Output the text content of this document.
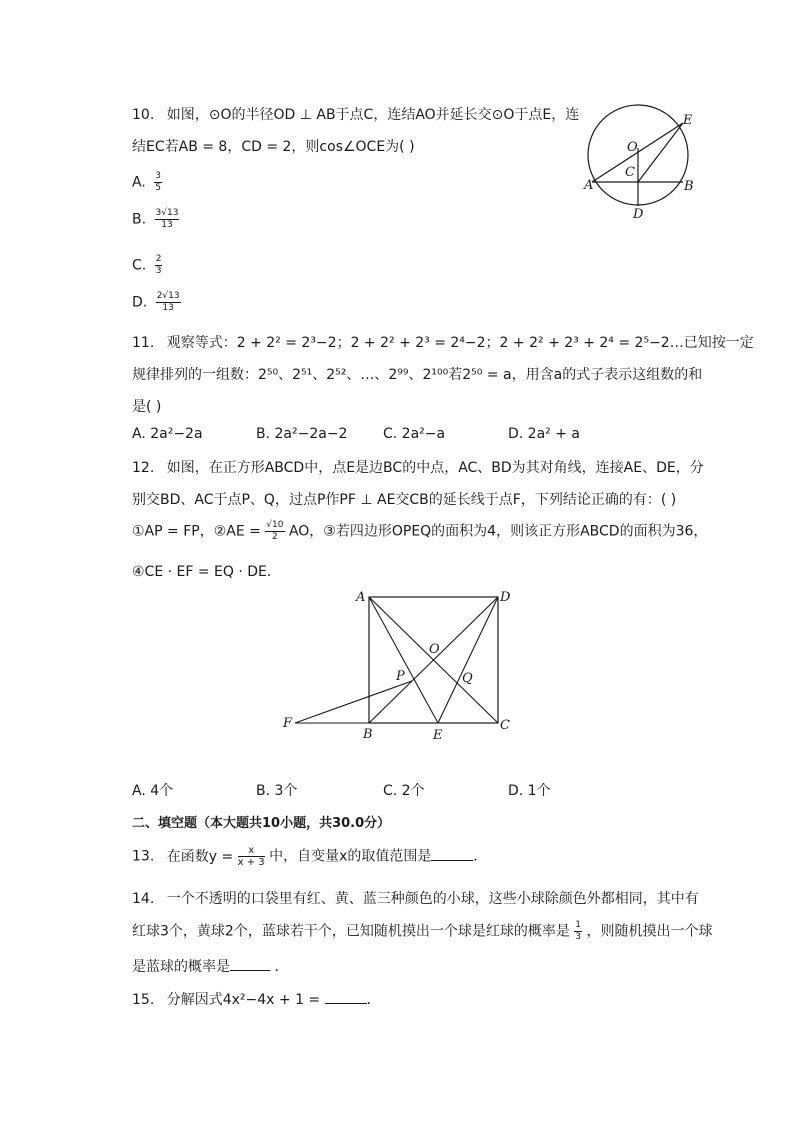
10. 如图，⊙O的半径OD ⊥ AB于点C，连结AO并延长交⊙O于点E，连
结EC若AB = 8，CD = 2，则cos∠OCE为( )
A. $\frac{3}{5}$
B. $\frac{3√13}{13}$
C. $\frac{2}{3}$
D. $\frac{2√13}{13}$
O
C
A	B
D
E
11. 观察等式：2 + 2² = 2³−2；2 + 2² + 2³ = 2⁴−2；2 + 2² + 2³ + 2⁴ = 2⁵−2…已知按一定
规律排列的一组数：2⁵⁰、2⁵¹、2⁵²、…、2⁹⁹、2¹⁰⁰若2⁵⁰ = a，用含a的式子表示这组数的和
是( )
A. 2a²−2a	B. 2a²−2a−2	C. 2a²−a	D. 2a² + a
12. 如图，在正方形ABCD中，点E是边BC的中点，AC、BD为其对角线，连接AE、DE，分
别交BD、AC于点P、Q，过点P作PF ⊥ AE交CB的延长线于点F，下列结论正确的有：( )
①AP = FP，②AE = $\frac{√10}{2}$ AO，③若四边形OPEQ的面积为4，则该正方形ABCD的面积为36，
④CE · EF = EQ · DE．
A	D
O
P	Q
F
B	E
C
A. 4个	B. 3个	C. 2个	D. 1个
二、填空题（本大题共10小题，共30.0分）
13. 在函数$y = \frac{x}{x + 3}$ 中，自变量x的取值范围是	．
14. 一个不透明的口袋里有红、黄、蓝三种颜色的小球，这些小球除颜色外都相同，其中有
红球3个，黄球2个，蓝球若干个，已知随机摸出一个球是红球的概率是 $\frac{1}{3}$ ，则随机摸出一个球
是蓝球的概率是	．
15. 分解因式4x²−4x + 1 =	．
